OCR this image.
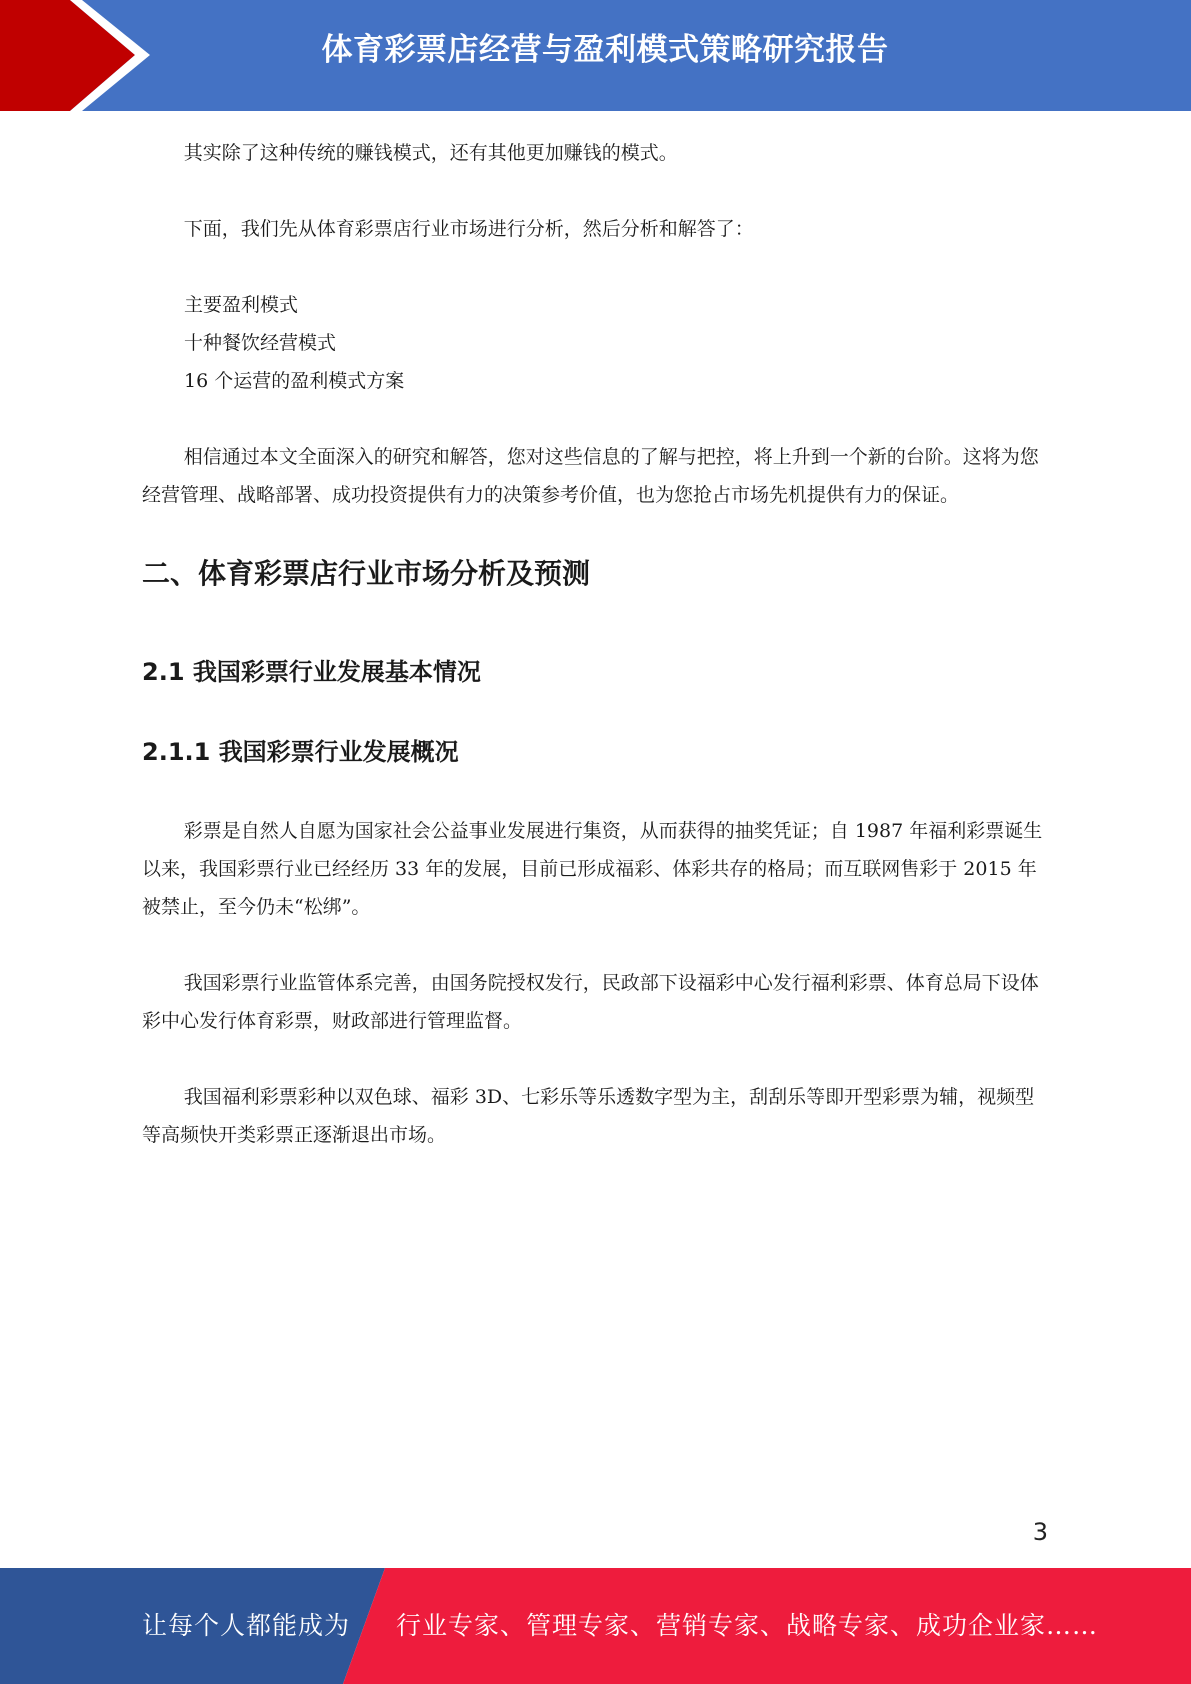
体育彩票店经营与盈利模式策略研究报告

其实除了这种传统的赚钱模式，还有其他更加赚钱的模式。

下面，我们先从体育彩票店行业市场进行分析，然后分析和解答了：

主要盈利模式
十种餐饮经营模式
16 个运营的盈利模式方案

相信通过本文全面深入的研究和解答，您对这些信息的了解与把控，将上升到一个新的台阶。这将为您经营管理、战略部署、成功投资提供有力的决策参考价值，也为您抢占市场先机提供有力的保证。

二、体育彩票店行业市场分析及预测
2.1 我国彩票行业发展基本情况
2.1.1 我国彩票行业发展概况

彩票是自然人自愿为国家社会公益事业发展进行集资，从而获得的抽奖凭证；自 1987 年福利彩票诞生以来，我国彩票行业已经经历 33 年的发展，目前已形成福彩、体彩共存的格局；而互联网售彩于 2015 年被禁止，至今仍未“松绑”。

我国彩票行业监管体系完善，由国务院授权发行，民政部下设福彩中心发行福利彩票、体育总局下设体彩中心发行体育彩票，财政部进行管理监督。

我国福利彩票彩种以双色球、福彩 3D、七彩乐等乐透数字型为主，刮刮乐等即开型彩票为辅，视频型等高频快开类彩票正逐渐退出市场。

3
让每个人都能成为 行业专家、管理专家、营销专家、战略专家、成功企业家……
